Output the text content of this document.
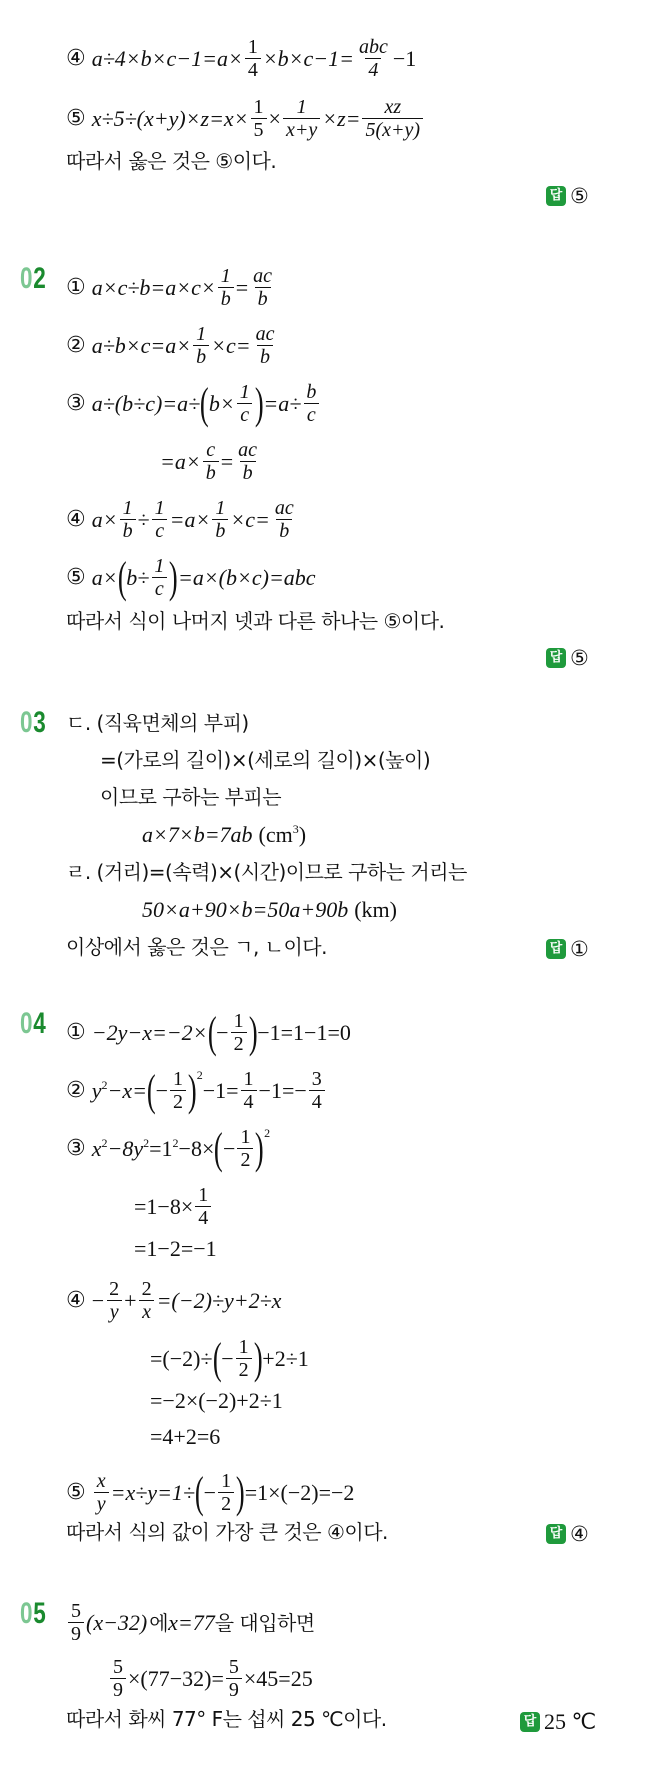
④ $a\div 4\times b\times c-1=a\times \frac{1}{4} \times b\times c-1= \frac{\text{abc}}{4} -1$
⑤ $x\div 5\div(x+y)\times z=x\times \frac{1}{5} \times \frac{1}{x+y} \times z= \frac{xz}{5(x+y)}$
따라서 옳은 것은 ⑤이다.
답 ⑤
02 ① $a\times c\div b=a\times c\times \frac{1}{b} = \frac{ac}{b}$
② $a\div b\times c=a\times \frac{1}{b} \times c= \frac{ac}{b}$
③ a÷(b÷c)=a÷ ( $b\times \frac{1}{c}$ ) $=a\div \frac{b}{c}$
$=a\times \frac{c}{b} = \frac{ac}{b}$
④ $a\times \frac{1}{b} \div \frac{1}{c} =a\times \frac{1}{b} \times c= \frac{ac}{b}$
⑤ a× ( $b\div \frac{1}{c}$ ) =a×(b×c)=abc
따라서 식이 나머지 넷과 다른 하나는 ⑤이다.
답 ⑤
03 ㄷ. (직육면체의 부피)
=(가로의 길이)×(세로의 길이)×(높이)
이므로 구하는 부피는
a×7×b=7ab (cm 3 )
ㄹ. (거리)=(속력)×(시간)이므로 구하는 거리는
50×a+90×b=50a+90b (km)
이상에서 옳은 것은 ㄱ, ㄴ이다.	답 ①
04 ① −2y−x=−2× ( − $\frac{1}{2}$ ) −1=1−1=0
② y 2 −x= ( − $\frac{1}{2}$ ) 2
$-1= \frac{1}{4} -1=- \frac{3}{4}$
③ x 2 −8y 2 =1 2 −8× ( − $\frac{1}{2}$ ) 2
$=1-8\times \frac{1}{4}$
=1−2=−1
④ − $\frac{2}{y} + \frac{2}{x} =(-2)\div y+2\div x$
=(−2)÷ ( − $\frac{1}{2}$ ) +2÷1
=−2×(−2)+2÷1
=4+2=6
⑤ $\frac{x}{y} =x\div y=1\div$ ( − $\frac{1}{2}$ ) =1×(−2)=−2
따라서 식의 값이 가장 큰 것은 ④이다.	답 ④
$05 \frac{5}{9} (x-32)$ 에 x=77 을 대입하면
$\frac{5}{9} \times(77-32)= \frac{5}{9} \times 45=25$
따라서 화씨 77° F는 섭씨 25 ℃이다.	답 25 ℃
